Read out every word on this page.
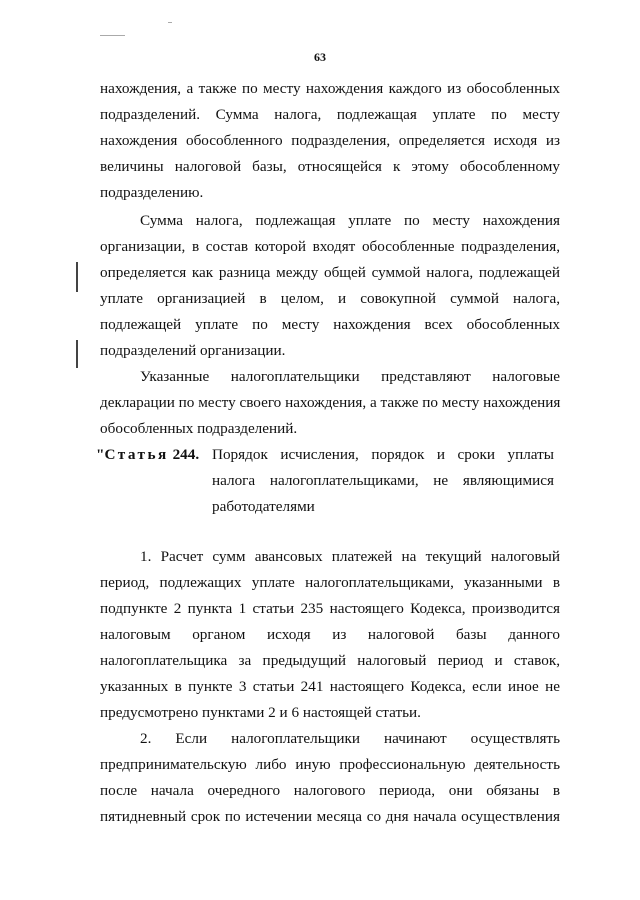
63
нахождения, а также по месту нахождения каждого из обособленных
подразделений. Сумма налога, подлежащая уплате по месту
нахождения обособленного подразделения, определяется исходя из
величины налоговой базы, относящейся к этому обособленному
подразделению.
Сумма налога, подлежащая уплате по месту нахождения
организации, в состав которой входят обособленные подразделения,
определяется как разница между общей суммой налога, подлежащей
уплате организацией в целом, и совокупной суммой налога,
подлежащей уплате по месту нахождения всех обособленных
подразделений организации.
Указанные налогоплательщики представляют налоговые
декларации по месту своего нахождения, а также по месту нахождения
обособленных подразделений.
"Статья 244. Порядок исчисления, порядок и сроки уплаты
налога налогоплательщиками, не являющимися
работодателями
1. Расчет сумм авансовых платежей на текущий налоговый
период, подлежащих уплате налогоплательщиками, указанными в
подпункте 2 пункта 1 статьи 235 настоящего Кодекса, производится
налоговым органом исходя из налоговой базы данного
налогоплательщика за предыдущий налоговый период и ставок,
указанных в пункте 3 статьи 241 настоящего Кодекса, если иное не
предусмотрено пунктами 2 и 6 настоящей статьи.
2. Если налогоплательщики начинают осуществлять
предпринимательскую либо иную профессиональную деятельность
после начала очередного налогового периода, они обязаны в
пятидневный срок по истечении месяца со дня начала осуществления
